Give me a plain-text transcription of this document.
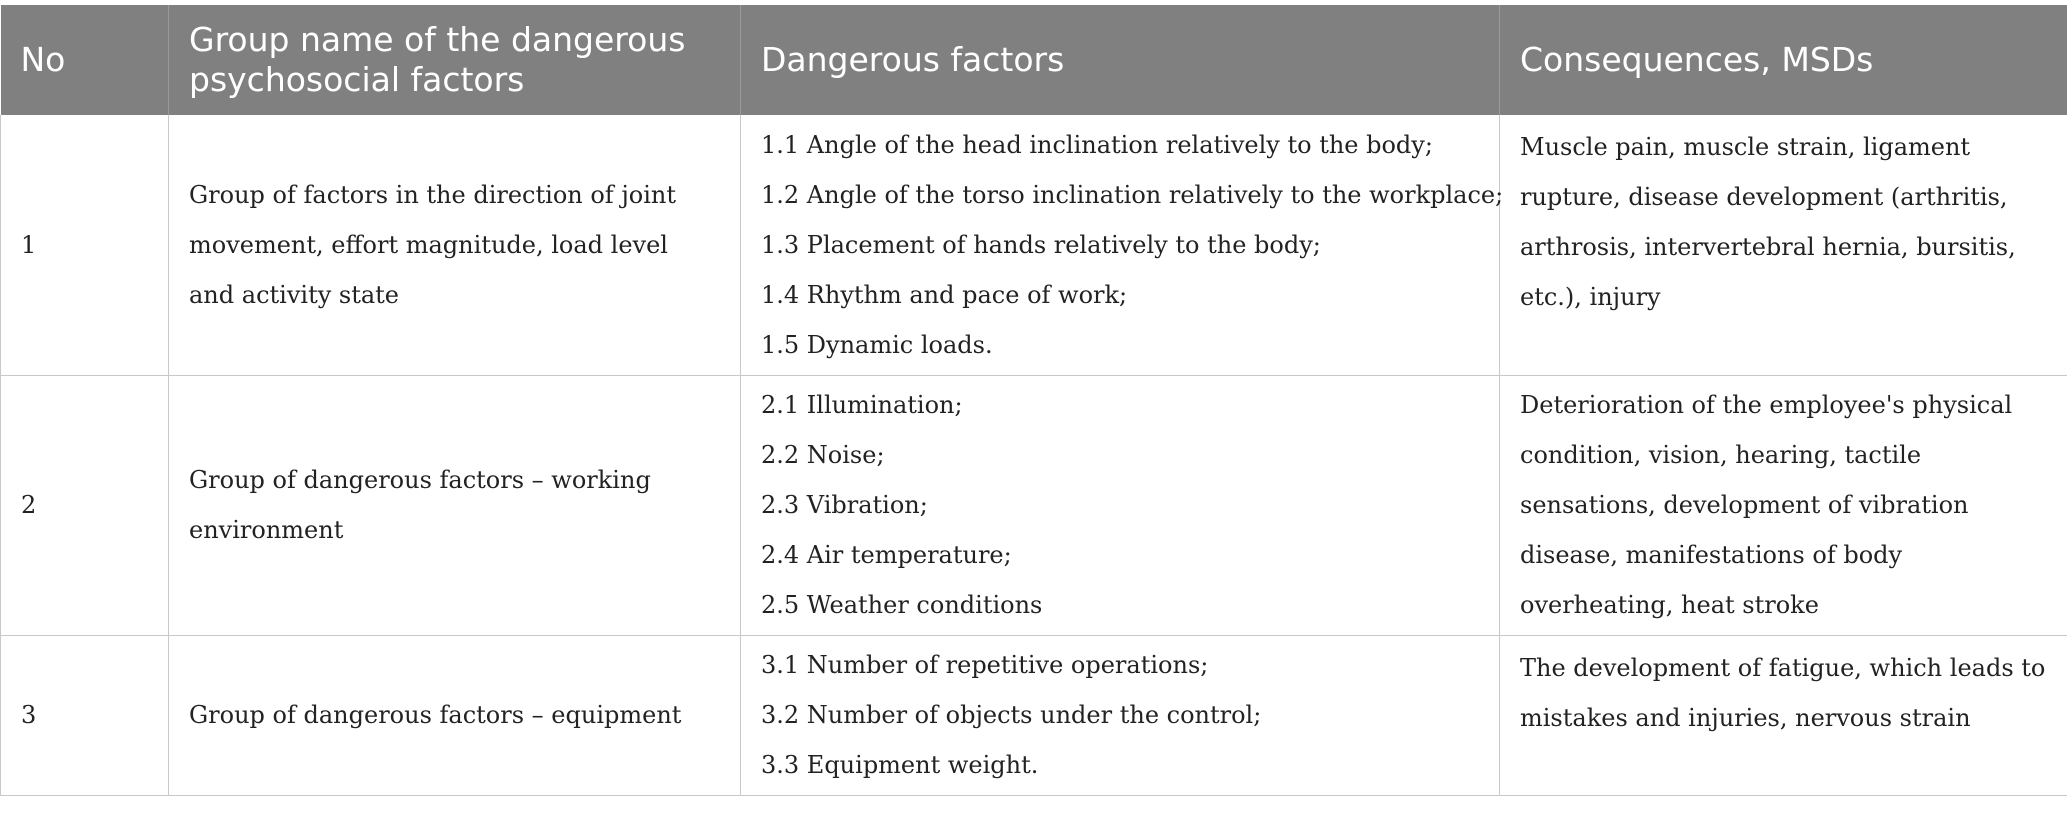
No	Group name of the dangerous psychosocial factors	Dangerous factors	Consequences, MSDs
1	Group of factors in the direction of joint movement, effort magnitude, load level and activity state	1.1 Angle of the head inclination relatively to the body;
1.2 Angle of the torso inclination relatively to the workplace;
1.3 Placement of hands relatively to the body;
1.4 Rhythm and pace of work;
1.5 Dynamic loads.	Muscle pain, muscle strain, ligament rupture, disease development (arthritis, arthrosis, intervertebral hernia, bursitis, etc.), injury
2	Group of dangerous factors – working environment	2.1 Illumination;
2.2 Noise;
2.3 Vibration;
2.4 Air temperature;
2.5 Weather conditions	Deterioration of the employee's physical condition, vision, hearing, tactile sensations, development of vibration disease, manifestations of body overheating, heat stroke
3	Group of dangerous factors – equipment	3.1 Number of repetitive operations;
3.2 Number of objects under the control;
3.3 Equipment weight.	The development of fatigue, which leads to mistakes and injuries, nervous strain
